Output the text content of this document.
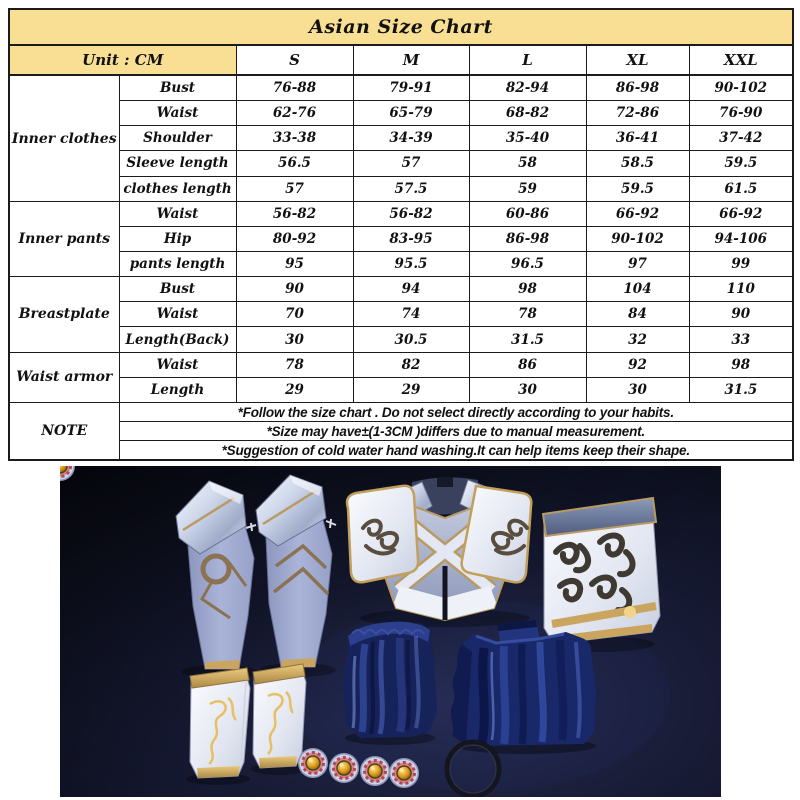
Asian Size Chart						
Unit : CM		S	M	L	XL	XXL
Inner clothes	Bust	76-88	79-91	82-94	86-98	90-102
	Waist	62-76	65-79	68-82	72-86	76-90
	Shoulder	33-38	34-39	35-40	36-41	37-42
	Sleeve length	56.5	57	58	58.5	59.5
	clothes length	57	57.5	59	59.5	61.5
Inner pants	Waist	56-82	56-82	60-86	66-92	66-92
	Hip	80-92	83-95	86-98	90-102	94-106
	pants length	95	95.5	96.5	97	99
Breastplate	Bust	90	94	98	104	110
	Waist	70	74	78	84	90
	Length(Back)	30	30.5	31.5	32	33
Waist armor	Waist	78	82	86	92	98
	Length	29	29	30	30	31.5
NOTE	*Follow the size chart . Do not select directly according to your habits.					
	*Size may have±(1-3CM )differs due to manual measurement.					
	*Suggestion of cold water hand washing.It can help items keep their shape.					
